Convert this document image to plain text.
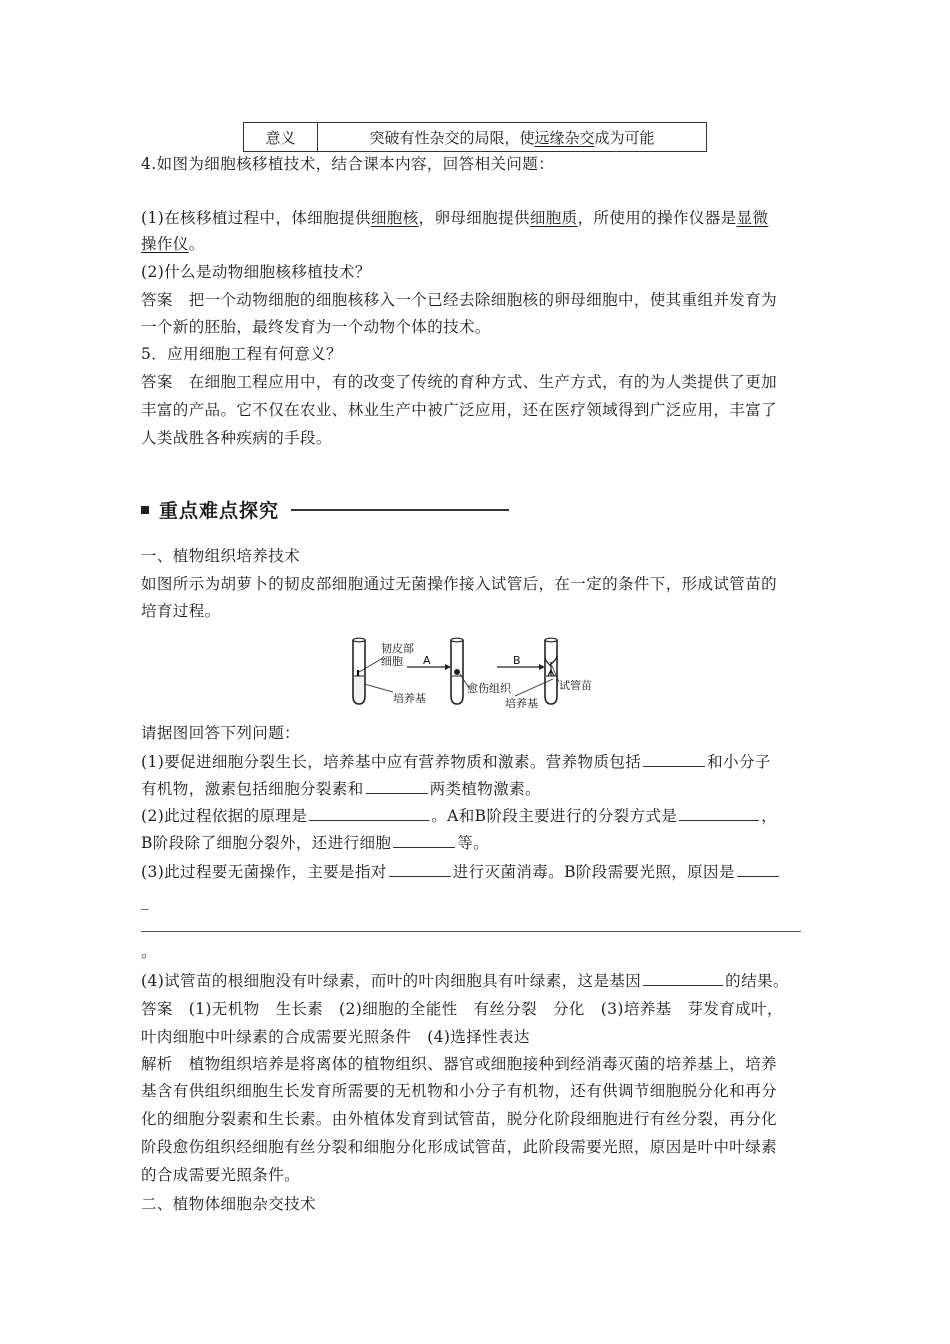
意义	突破有性杂交的局限，使远缘杂交成为可能
4.如图为细胞核移植技术，结合课本内容，回答相关问题：
(1)在核移植过程中，体细胞提供细胞核，卵母细胞提供细胞质，所使用的操作仪器是显微
操作仪。
(2)什么是动物细胞核移植技术？
答案　把一个动物细胞的细胞核移入一个已经去除细胞核的卵母细胞中，使其重组并发育为
一个新的胚胎，最终发育为一个动物个体的技术。
5．应用细胞工程有何意义？
答案　在细胞工程应用中，有的改变了传统的育种方式、生产方式，有的为人类提供了更加
丰富的产品。它不仅在农业、林业生产中被广泛应用，还在医疗领域得到广泛应用，丰富了
人类战胜各种疾病的手段。
重点难点探究
一、植物组织培养技术
如图所示为胡萝卜的韧皮部细胞通过无菌操作接入试管后，在一定的条件下，形成试管苗的
培育过程。
韧皮部
细胞 A	B
培养基
愈伤组织
培养基
试管苗
请据图回答下列问题：
(1)要促进细胞分裂生长，培养基中应有营养物质和激素。营养物质包括	和小分子
有机物，激素包括细胞分裂素和	两类植物激素。
(2)此过程依据的原理是	。A和B阶段主要进行的分裂方式是	，
B阶段除了细胞分裂外，还进行细胞	等。
(3)此过程要无菌操作，主要是指对	进行灭菌消毒。B阶段需要光照，原因是
_
。
(4)试管苗的根细胞没有叶绿素，而叶的叶肉细胞具有叶绿素，这是基因	的结果。
答案　(1)无机物　生长素　(2)细胞的全能性　有丝分裂　分化　(3)培养基　芽发育成叶，
叶肉细胞中叶绿素的合成需要光照条件　(4)选择性表达
解析　植物组织培养是将离体的植物组织、器官或细胞接种到经消毒灭菌的培养基上，培养
基含有供组织细胞生长发育所需要的无机物和小分子有机物，还有供调节细胞脱分化和再分
化的细胞分裂素和生长素。由外植体发育到试管苗，脱分化阶段细胞进行有丝分裂，再分化
阶段愈伤组织经细胞有丝分裂和细胞分化形成试管苗，此阶段需要光照，原因是叶中叶绿素
的合成需要光照条件。
二、植物体细胞杂交技术
